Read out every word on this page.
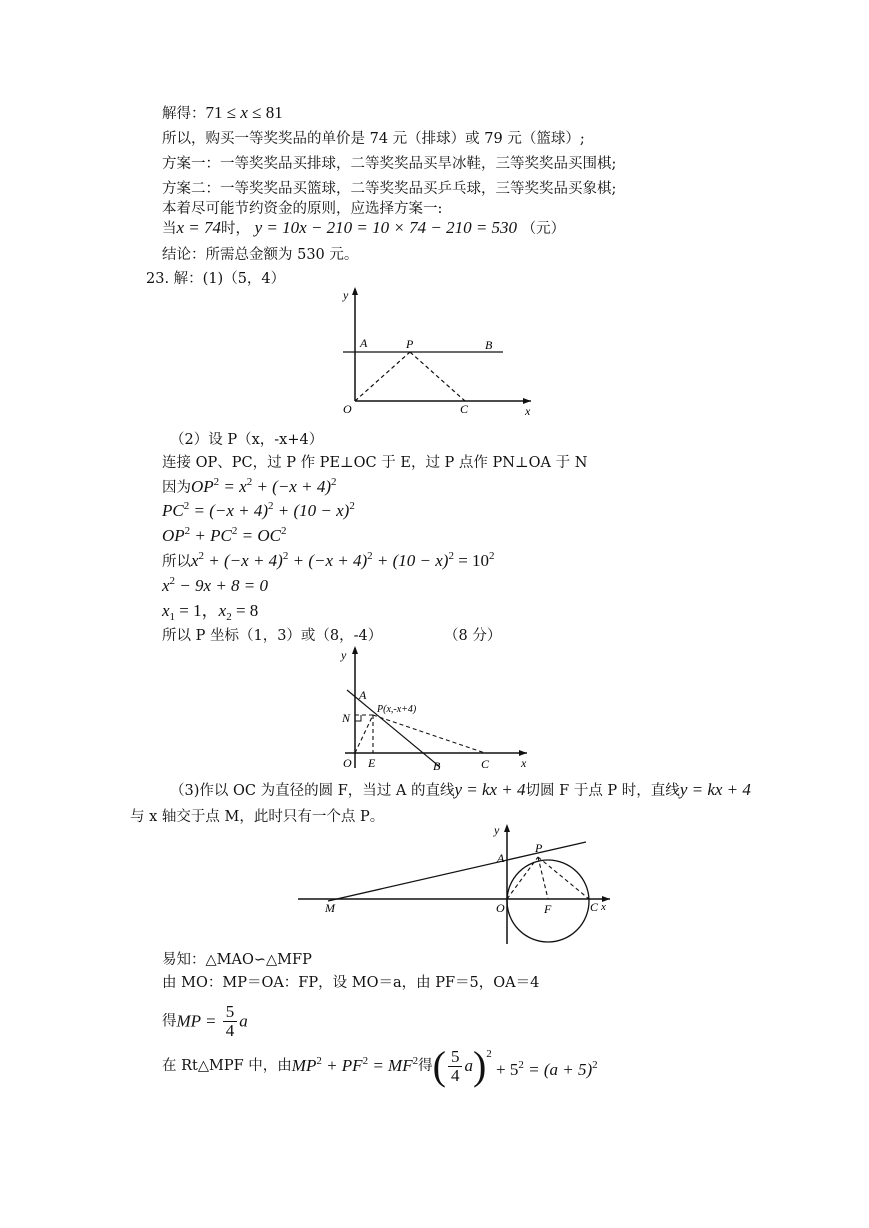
解得：71 ≤ x ≤ 81
所以，购买一等奖奖品的单价是 74 元（排球）或 79 元（篮球）;
方案一：一等奖奖品买排球，二等奖奖品买旱冰鞋，三等奖奖品买围棋;
方案二：一等奖奖品买篮球，二等奖奖品买乒乓球，三等奖奖品买象棋;
本着尽可能节约资金的原则，应选择方案一:
当x = 74时， y = 10x − 210 = 10 × 74 − 210 = 530 （元）
结论：所需总金额为 530 元。
23. 解：(1)（5，4）
y
x
A	P	B
O	C
（2）设 P（x，-x+4）
连接 OP、PC，过 P 作 PE⊥OC 于 E，过 P 点作 PN⊥OA 于 N
因为$OP^2 = x^2 + (-x + 4)^2$
$PC^2 = (-x + 4)^2 + (10 - x)^2$
$OP^2 + PC^2 = OC^2$
所以$x^2 + (-x + 4)^2 + (-x + 4)^2 + (10 - x)^2 = 10^2$
$x^2 - 9x + 8 = 0$
$x_1 = 1$，$x_2 = 8$
所以 P 坐标（1，3）或（8，-4）	（8 分）
y
x
A
P(x,-x+4)
N
O E	B	C
（3)作以 OC 为直径的圆 F，当过 A 的直线y = kx + 4切圆 F 于点 P 时，直线y = kx + 4
与 x 轴交于点 M，此时只有一个点 P。
y
x
A
P
M	O	F	C
易知：△MAO∽△MFP
由 MO：MP＝OA：FP，设 MO＝a，由 PF＝5，OA＝4
得MP = $\frac{5}{4}$ a
在 Rt△MPF 中，由$MP^2 + PF^2 = MF^2$得( $\frac{5}{4} a)^2 + 5^2 = (a + 5)^2$
